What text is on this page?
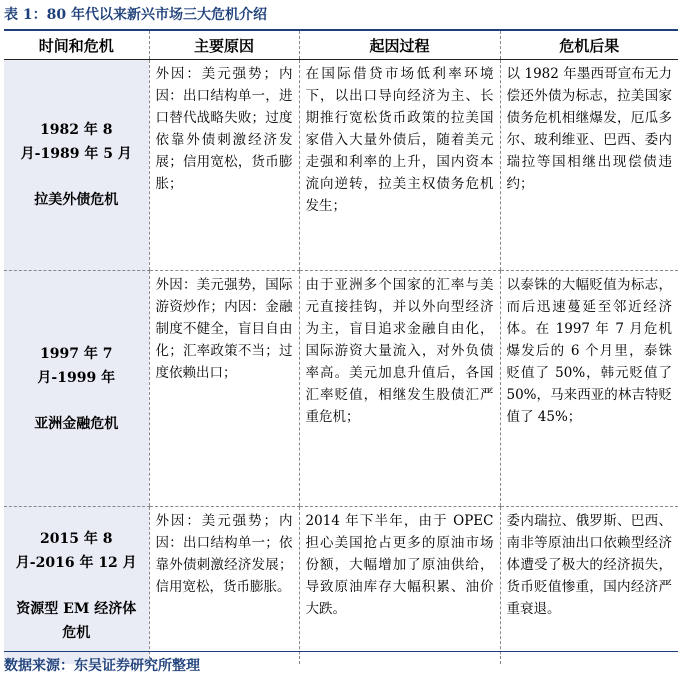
表 1：80 年代以来新兴市场三大危机介绍
时间和危机	主要原因	起因过程	危机后果

1982 年 8 月-1989 年 5 月
拉美外债危机	外因：美元强势；内因：出口结构单一，进口替代战略失败；过度依靠外债刺激经济发展；信用宽松，货币膨胀；	在国际借贷市场低利率环境下，以出口导向经济为主、长期推行宽松货币政策的拉美国家借入大量外债后，随着美元走强和利率的上升，国内资本流向逆转，拉美主权债务危机发生；	以 1982 年墨西哥宣布无力偿还外债为标志，拉美国家债务危机相继爆发，厄瓜多尔、玻利维亚、巴西、委内瑞拉等国相继出现偿债违约；

1997 年 7 月-1999 年
亚洲金融危机	外因：美元强势，国际游资炒作；内因：金融制度不健全，盲目自由化；汇率政策不当；过度依赖出口；	由于亚洲多个国家的汇率与美元直接挂钩，并以外向型经济为主，盲目追求金融自由化，国际游资大量流入，对外负债率高。美元加息升值后，各国汇率贬值，相继发生股债汇严重危机；	以泰铢的大幅贬值为标志，而后迅速蔓延至邻近经济体。在 1997 年 7 月危机爆发后的 6 个月里，泰铢贬值了 50%，韩元贬值了 50%，马来西亚的林吉特贬值了 45%；

2015 年 8 月-2016 年 12 月
资源型 EM 经济体危机	外因：美元强势；内因：出口结构单一；依靠外债刺激经济发展；信用宽松，货币膨胀。	2014 年下半年，由于 OPEC 担心美国抢占更多的原油市场份额，大幅增加了原油供给，导致原油库存大幅积累、油价大跌。	委内瑞拉、俄罗斯、巴西、南非等原油出口依赖型经济体遭受了极大的经济损失，货币贬值惨重，国内经济严重衰退。
数据来源：东吴证券研究所整理
